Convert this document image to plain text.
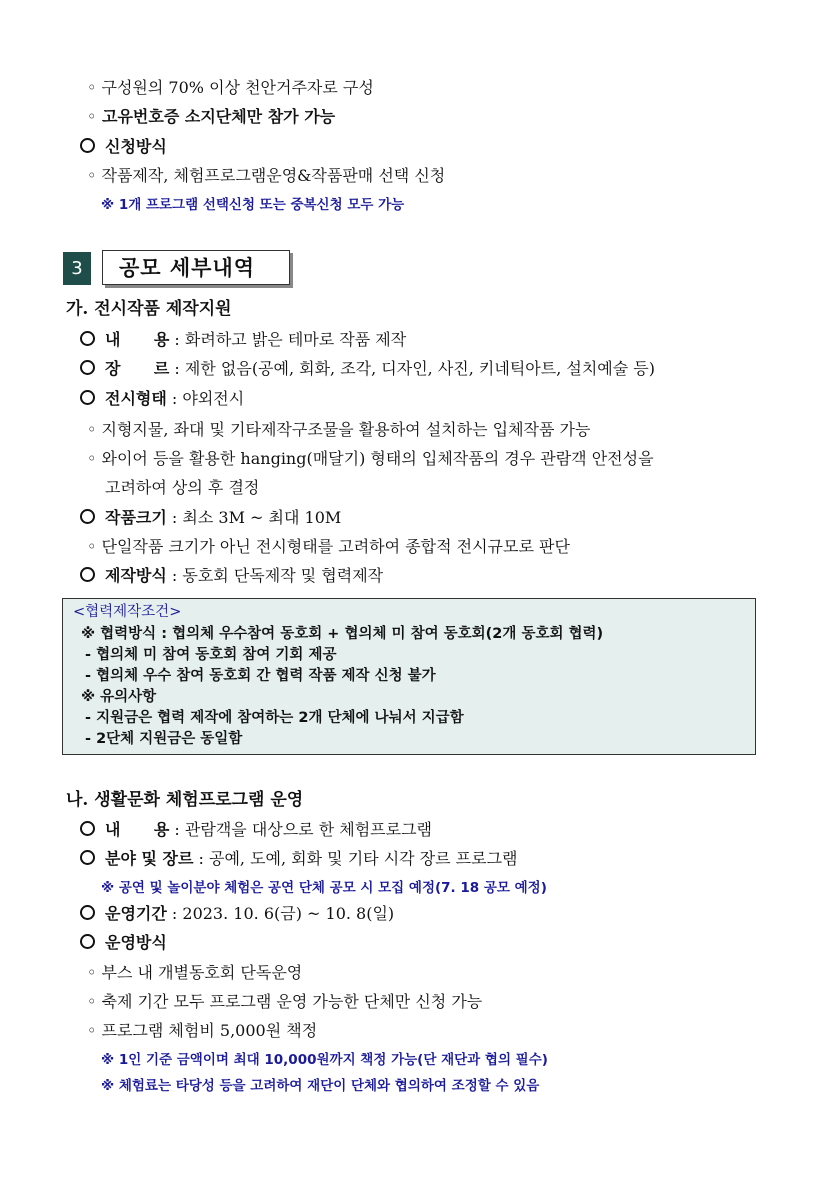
◦ 구성원의 70% 이상 천안거주자로 구성
◦ 고유번호증 소지단체만 참가 가능
신청방식
◦ 작품제작, 체험프로그램운영&작품판매 선택 신청
※ 1개 프로그램 선택신청 또는 중복신청 모두 가능
3	공모 세부내역
가. 전시작품 제작지원
내      용 : 화려하고 밝은 테마로 작품 제작
장      르 : 제한 없음(공예, 회화, 조각, 디자인, 사진, 키네틱아트, 설치예술 등)
전시형태 : 야외전시
◦ 지형지물, 좌대 및 기타제작구조물을 활용하여 설치하는 입체작품 가능
◦ 와이어 등을 활용한 hanging(매달기) 형태의 입체작품의 경우 관람객 안전성을
고려하여 상의 후 결정
작품크기 : 최소 3M ~ 최대 10M
◦ 단일작품 크기가 아닌 전시형태를 고려하여 종합적 전시규모로 판단
제작방식 : 동호회 단독제작 및 협력제작
<협력제작조건>
※ 협력방식 : 협의체 우수참여 동호회 + 협의체 미 참여 동호회(2개 동호회 협력)
- 협의체 미 참여 동호회 참여 기회 제공
- 협의체 우수 참여 동호회 간 협력 작품 제작 신청 불가
※ 유의사항
- 지원금은 협력 제작에 참여하는 2개 단체에 나눠서 지급함
- 2단체 지원금은 동일함
나. 생활문화 체험프로그램 운영
내      용 : 관람객을 대상으로 한 체험프로그램
분야 및 장르 : 공예, 도예, 회화 및 기타 시각 장르 프로그램
※ 공연 및 놀이분야 체험은 공연 단체 공모 시 모집 예정(7. 18 공모 예정)
운영기간 : 2023. 10. 6(금) ~ 10. 8(일)
운영방식
◦ 부스 내 개별동호회 단독운영
◦ 축제 기간 모두 프로그램 운영 가능한 단체만 신청 가능
◦ 프로그램 체험비 5,000원 책정
※ 1인 기준 금액이며 최대 10,000원까지 책정 가능(단 재단과 협의 필수)
※ 체험료는 타당성 등을 고려하여 재단이 단체와 협의하여 조정할 수 있음
